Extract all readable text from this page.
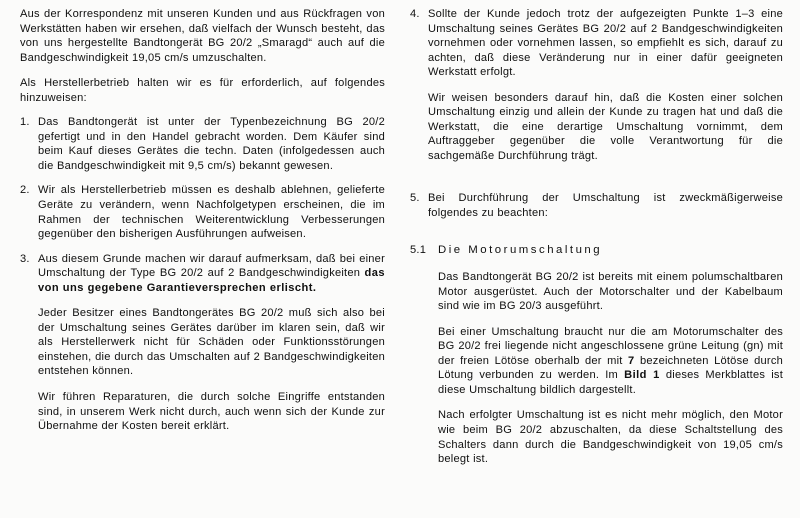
Aus der Korrespondenz mit unseren Kunden und aus Rückfragen von Werkstätten haben wir ersehen, daß vielfach der Wunsch besteht, das von uns hergestellte Bandtongerät BG 20/2 „Smaragd“ auch auf die Bandgeschwindigkeit 19,05 cm/s umzuschalten.

Als Herstellerbetrieb halten wir es für erforderlich, auf folgendes hinzuweisen:

1. Das Bandtongerät ist unter der Typenbezeichnung BG 20/2 gefertigt und in den Handel gebracht worden. Dem Käufer sind beim Kauf dieses Gerätes die techn. Daten (infolgedessen auch die Bandgeschwindigkeit mit 9,5 cm/s) bekannt gewesen.

2. Wir als Herstellerbetrieb müssen es deshalb ablehnen, gelieferte Geräte zu verändern, wenn Nachfolgetypen erscheinen, die im Rahmen der technischen Weiterentwicklung Verbesserungen gegenüber den bisherigen Ausführungen aufweisen.

3. Aus diesem Grunde machen wir darauf aufmerksam, daß bei einer Umschaltung der Type BG 20/2 auf 2 Bandgeschwindigkeiten das von uns gegebene Garantieversprechen erlischt.

Jeder Besitzer eines Bandtongerätes BG 20/2 muß sich also bei der Umschaltung seines Gerätes darüber im klaren sein, daß wir als Herstellerwerk nicht für Schäden oder Funktionsstörungen einstehen, die durch das Umschalten auf 2 Bandgeschwindigkeiten entstehen können.

Wir führen Reparaturen, die durch solche Eingriffe entstanden sind, in unserem Werk nicht durch, auch wenn sich der Kunde zur Übernahme der Kosten bereit erklärt.

4. Sollte der Kunde jedoch trotz der aufgezeigten Punkte 1–3 eine Umschaltung seines Gerätes BG 20/2 auf 2 Bandgeschwindigkeiten vornehmen oder vornehmen lassen, so empfiehlt es sich, darauf zu achten, daß diese Veränderung nur in einer dafür geeigneten Werkstatt erfolgt.

Wir weisen besonders darauf hin, daß die Kosten einer solchen Umschaltung einzig und allein der Kunde zu tragen hat und daß die Werkstatt, die eine derartige Umschaltung vornimmt, dem Auftraggeber gegenüber die volle Verantwortung für die sachgemäße Durchführung trägt.

5. Bei Durchführung der Umschaltung ist zweckmäßigerweise folgendes zu beachten:

5.1	Die Motorumschaltung

Das Bandtongerät BG 20/2 ist bereits mit einem polumschaltbaren Motor ausgerüstet. Auch der Motorschalter und der Kabelbaum sind wie im BG 20/3 ausgeführt.

Bei einer Umschaltung braucht nur die am Motorumschalter des BG 20/2 frei liegende nicht angeschlossene grüne Leitung (gn) mit der freien Lötöse oberhalb der mit 7 bezeichneten Lötöse durch Lötung verbunden zu werden. Im Bild 1 dieses Merkblattes ist diese Umschaltung bildlich dargestellt.

Nach erfolgter Umschaltung ist es nicht mehr möglich, den Motor wie beim BG 20/2 abzuschalten, da diese Schaltstellung des Schalters dann durch die Bandgeschwindigkeit von 19,05 cm/s belegt ist.
